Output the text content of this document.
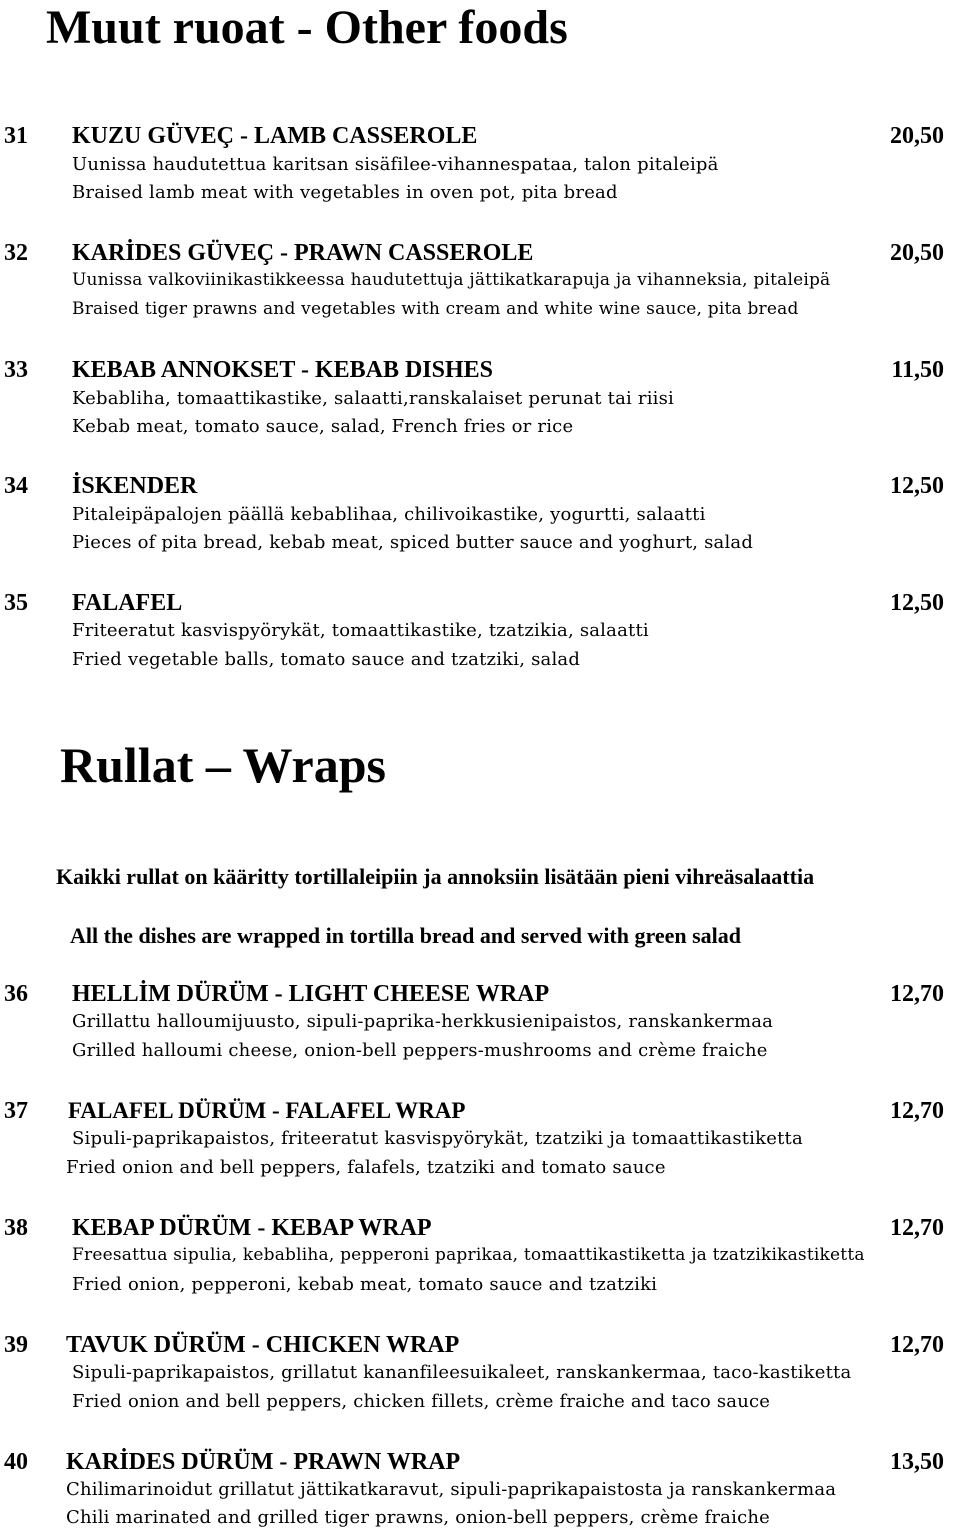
Muut ruoat - Other foods
31 KUZU GÜVEÇ - LAMB CASSEROLE	20,50
Uunissa haudutettua karitsan sisäfilee-vihannespataa, talon pitaleipä
Braised lamb meat with vegetables in oven pot, pita bread
32 KARİDES GÜVEÇ - PRAWN CASSEROLE	20,50
Uunissa valkoviinikastikkeessa haudutettuja jättikatkarapuja ja vihanneksia, pitaleipä
Braised tiger prawns and vegetables with cream and white wine sauce, pita bread
33 KEBAB ANNOKSET - KEBAB DISHES	11,50
Kebabliha, tomaattikastike, salaatti,ranskalaiset perunat tai riisi
Kebab meat, tomato sauce, salad, French fries or rice
34 İSKENDER	12,50
Pitaleipäpalojen päällä kebablihaa, chilivoikastike, yogurtti, salaatti
Pieces of pita bread, kebab meat, spiced butter sauce and yoghurt, salad
35 FALAFEL	12,50
Friteeratut kasvispyörykät, tomaattikastike, tzatzikia, salaatti
Fried vegetable balls, tomato sauce and tzatziki, salad
Rullat – Wraps
Kaikki rullat on kääritty tortillaleipiin ja annoksiin lisätään pieni vihreäsalaattia
All the dishes are wrapped in tortilla bread and served with green salad
36 HELLİM DÜRÜM - LIGHT CHEESE WRAP	12,70
Grillattu halloumijuusto, sipuli-paprika-herkkusienipaistos, ranskankermaa
Grilled halloumi cheese, onion-bell peppers-mushrooms and crème fraiche
37 FALAFEL DÜRÜM - FALAFEL WRAP	12,70
Sipuli-paprikapaistos, friteeratut kasvispyörykät, tzatziki ja tomaattikastiketta
Fried onion and bell peppers, falafels, tzatziki and tomato sauce
38 KEBAP DÜRÜM - KEBAP WRAP	12,70
Freesattua sipulia, kebabliha, pepperoni paprikaa, tomaattikastiketta ja tzatzikikastiketta
Fried onion, pepperoni, kebab meat, tomato sauce and tzatziki
39 TAVUK DÜRÜM - CHICKEN WRAP	12,70
Sipuli-paprikapaistos, grillatut kananfileesuikaleet, ranskankermaa, taco-kastiketta
Fried onion and bell peppers, chicken fillets, crème fraiche and taco sauce
40 KARİDES DÜRÜM - PRAWN WRAP	13,50
Chilimarinoidut grillatut jättikatkaravut, sipuli-paprikapaistosta ja ranskankermaa
Chili marinated and grilled tiger prawns, onion-bell peppers, crème fraiche
